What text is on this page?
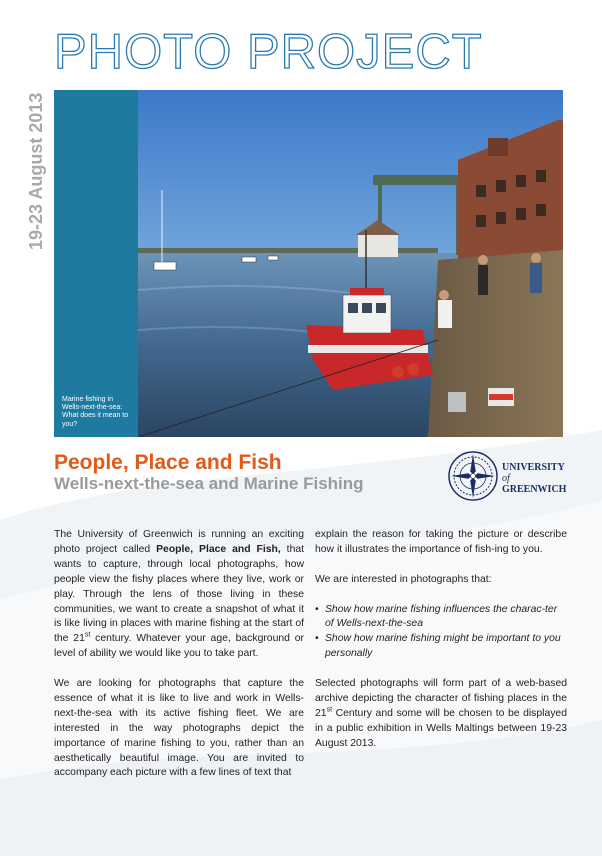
PHOTO PROJECT
19-23 August 2013
Marine fishing in Wells-next-the-sea: What does it mean to you?
People, Place and Fish
Wells-next-the-sea and Marine Fishing
UNIVERSITY
of
GREENWICH

The University of Greenwich is running an exciting photo project called People, Place and Fish, that wants to capture, through local photographs, how people view the fishy places where they live, work or play. Through the lens of those living in these communities, we want to create a snapshot of what it is like living in places with marine fishing at the start of the 21st century. Whatever your age, background or level of ability we would like you to take part.

We are looking for photographs that capture the essence of what it is like to live and work in Wells-next-the-sea with its active fishing fleet. We are interested in the way photographs depict the importance of marine fishing to you, rather than an aesthetically beautiful image. You are invited to accompany each picture with a few lines of text that

explain the reason for taking the picture or describe how it illustrates the importance of fish-ing to you.

We are interested in photographs that:

• Show how marine fishing influences the charac-ter of Wells-next-the-sea
• Show how marine fishing might be important to you personally

Selected photographs will form part of a web-based archive depicting the character of fishing places in the 21st Century and some will be chosen to be displayed in a public exhibition in Wells Maltings between 19-23 August 2013.
